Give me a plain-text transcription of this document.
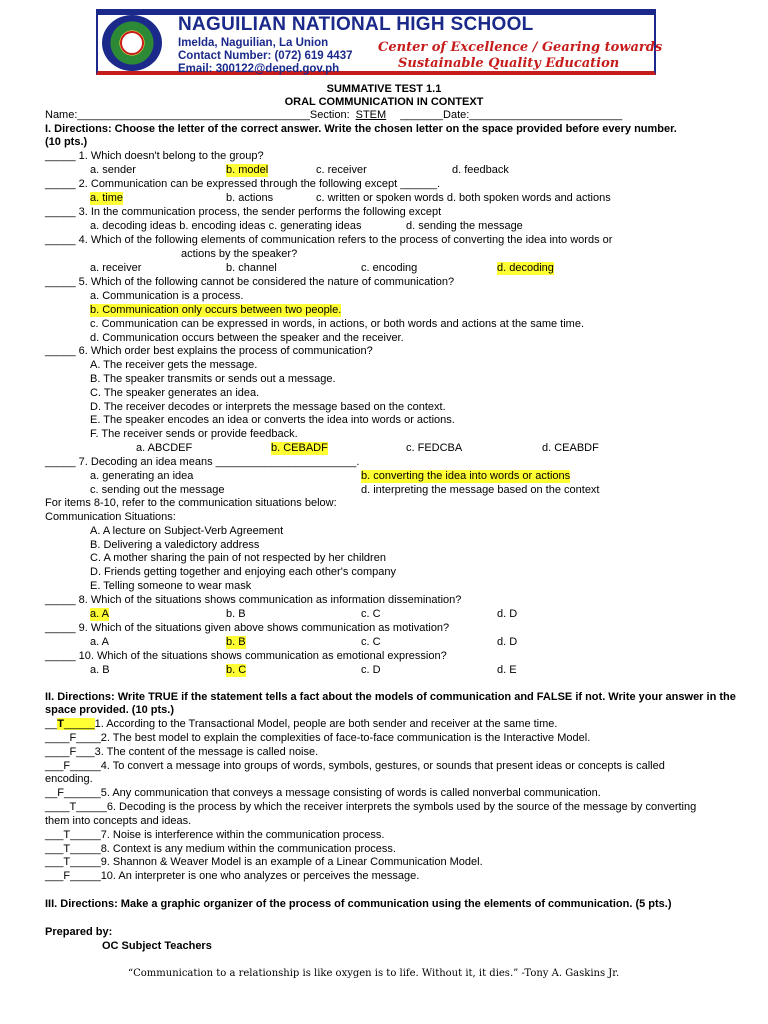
NAGUILIAN NATIONAL HIGH SCHOOL
Imelda, Naguilian, La Union
Contact Number: (072) 619 4437
Email: 300122@deped.gov.ph
Center of Excellence / Gearing towards
Sustainable Quality Education
SUMMATIVE TEST 1.1
ORAL COMMUNICATION IN CONTEXT
Name:______________________________________Section: STEM _______Date:_________________________
I. Directions: Choose the letter of the correct answer. Write the chosen letter on the space provided before every number.
(10 pts.)
_____ 1. Which doesn't belong to the group?
a. sender	b. model	c. receiver	d. feedback
_____ 2. Communication can be expressed through the following except ______.
a. time	b. actions	c. written or spoken words d. both spoken words and actions
_____ 3. In the communication process, the sender performs the following except
a. decoding ideas b. encoding ideas c. generating ideas	d. sending the message
_____ 4. Which of the following elements of communication refers to the process of converting the idea into words or
actions by the speaker?
a. receiver	b. channel	c. encoding	d. decoding
_____ 5. Which of the following cannot be considered the nature of communication?
a. Communication is a process.
b. Communication only occurs between two people.
c. Communication can be expressed in words, in actions, or both words and actions at the same time.
d. Communication occurs between the speaker and the receiver.
_____ 6. Which order best explains the process of communication?
A. The receiver gets the message.
B. The speaker transmits or sends out a message.
C. The speaker generates an idea.
D. The receiver decodes or interprets the message based on the context.
E. The speaker encodes an idea or converts the idea into words or actions.
F. The receiver sends or provide feedback.
a. ABCDEF	b. CEBADF	c. FEDCBA	d. CEABDF
_____ 7. Decoding an idea means _______________________.
a. generating an idea	b. converting the idea into words or actions
c. sending out the message	d. interpreting the message based on the context
For items 8-10, refer to the communication situations below:
Communication Situations:
A. A lecture on Subject-Verb Agreement
B. Delivering a valedictory address
C. A mother sharing the pain of not respected by her children
D. Friends getting together and enjoying each other's company
E. Telling someone to wear mask
_____ 8. Which of the situations shows communication as information dissemination?
a. A	b. B	c. C	d. D
_____ 9. Which of the situations given above shows communication as motivation?
a. A	b. B	c. C	d. D
_____ 10. Which of the situations shows communication as emotional expression?
a. B	b. C	c. D	d. E
II. Directions: Write TRUE if the statement tells a fact about the models of communication and FALSE if not. Write your answer in the
space provided. (10 pts.)
__T_____1. According to the Transactional Model, people are both sender and receiver at the same time.
____F____2. The best model to explain the complexities of face-to-face communication is the Interactive Model.
____F___3. The content of the message is called noise.
___F_____4. To convert a message into groups of words, symbols, gestures, or sounds that present ideas or concepts is called
encoding.
__F______5. Any communication that conveys a message consisting of words is called nonverbal communication.
____T_____6. Decoding is the process by which the receiver interprets the symbols used by the source of the message by converting
them into concepts and ideas.
___T_____7. Noise is interference within the communication process.
___T_____8. Context is any medium within the communication process.
___T_____9. Shannon & Weaver Model is an example of a Linear Communication Model.
___F_____10. An interpreter is one who analyzes or perceives the message.
III. Directions: Make a graphic organizer of the process of communication using the elements of communication. (5 pts.)
Prepared by:
OC Subject Teachers
“Communication to a relationship is like oxygen is to life. Without it, it dies.” -Tony A. Gaskins Jr.
